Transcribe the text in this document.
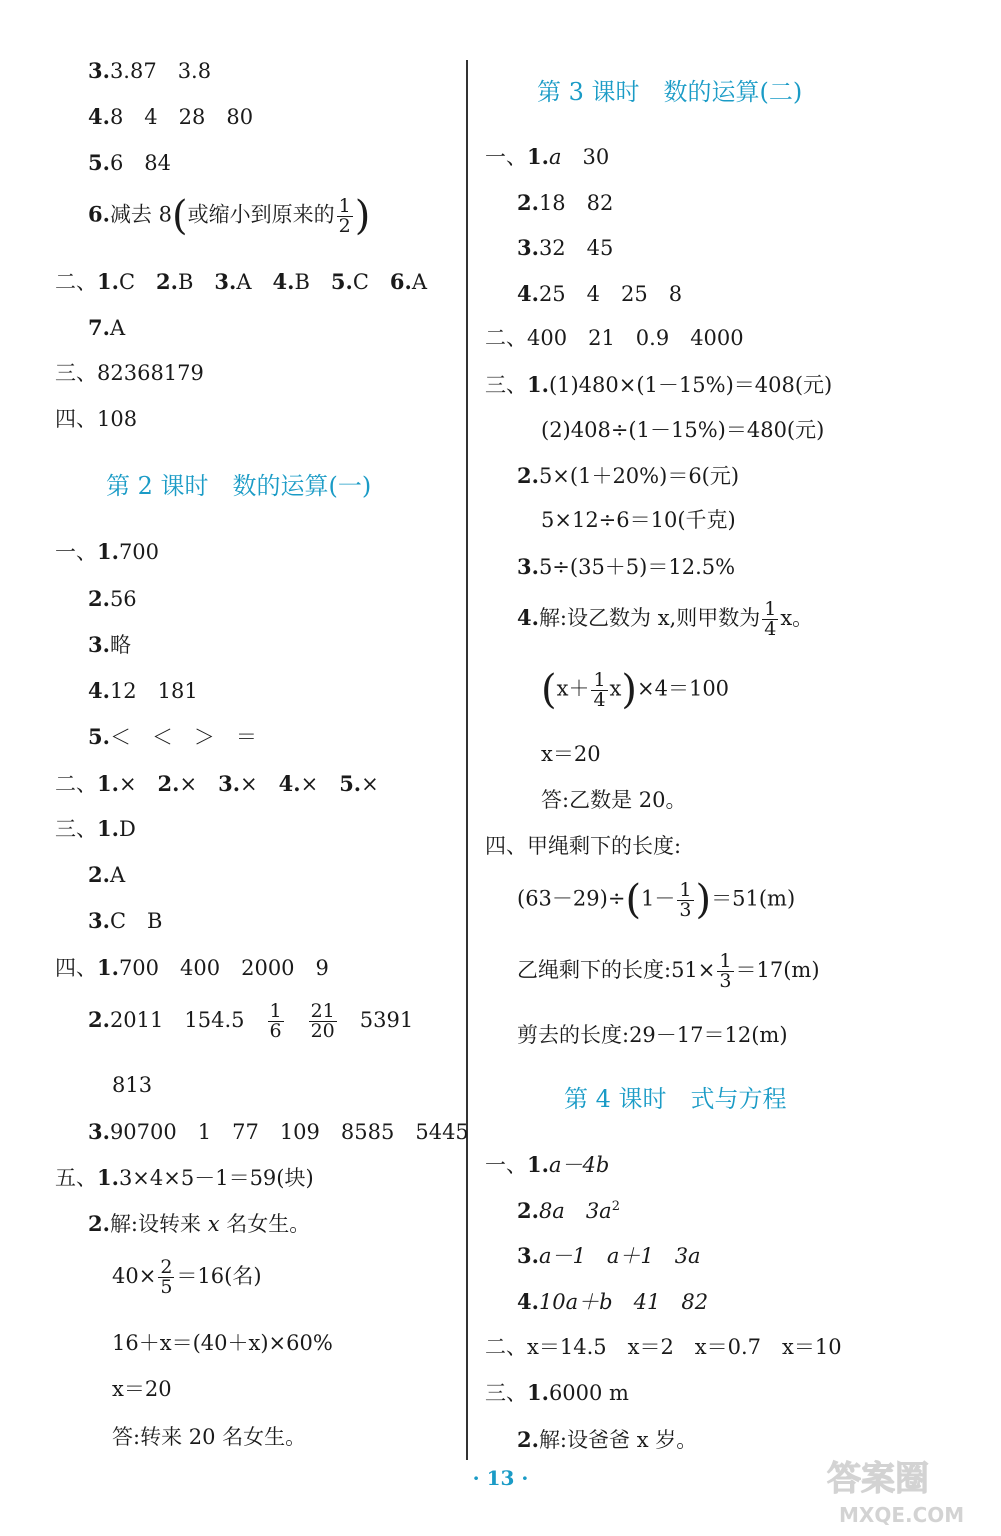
3.3.87　3.8
4.8　4　28　80
5.6　84
6.减去 8(或缩小到原来的 $\frac{1}{2}$ )
二、1.C　 2.B　 3.A　 4.B　 5.C　 6.A
7.A
三、82368179
四、108
第 2 课时　数的运算(一)
一、1.700
2.56
3.略
4.12　181
5.＜　＜　＞　＝
二、1.×　 2.×　 3.×　 4.×　 5.×
三、1.D
2.A
3.C　B
四、1.700　400　2000　9
2.2011　154.5　 $\frac{1}{6}$
　 $\frac{21}{20}$
　 5391
813
3.90700　1　77　109　8585　5445
五、1.3×4×5－1＝59(块)
2.解:设转来 x 名女生。
$40\times \frac{2}{5} =16$(名)
16＋x＝(40＋x)×60%
x＝20
答:转来 20 名女生。
第 3 课时　数的运算(二)
一、1.a　30
2.18　82
3.32　45
4.25　4　25　8
二、400　21　0.9　4000
三、1.(1)480×(1－15%)＝408(元)
(2)408÷(1－15%)＝480(元)
2.5×(1＋20%)＝6(元)
5×12÷6＝10(千克)
3.5÷(35＋5)＝12.5%
4.解:设乙数为 x,则甲数为 $\frac{1}{4}$ x。
$(x+ \frac{1}{4} x)\times 4=100$
x＝20
答:乙数是 20。
四、甲绳剩下的长度:
$(63-29)\div(1- \frac{1}{3} )=51(m)$
乙绳剩下的长度:51× $\frac{1}{3} =17(m)$
剪去的长度:29－17＝12(m)
第 4 课时　式与方程
一、1.a－4b
2.8a　$3a^2$
3.a－1　a＋1　3a
4.10a＋b　41　82
二、x＝14.5　x＝2　x＝0.7　x＝10
三、1.6000 m
2.解:设爸爸 x 岁。
· 13 ·	答案圈
MXQE.COM
